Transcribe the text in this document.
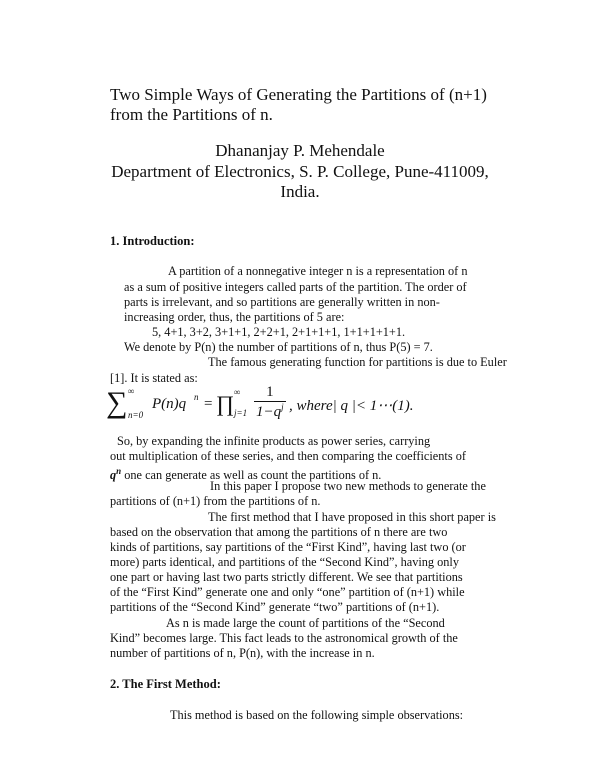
Two Simple Ways of Generating the Partitions of (n+1)
from the Partitions of n.
Dhananjay P. Mehendale
Department of Electronics, S. P. College, Pune-411009,
India.
1. Introduction:
A partition of a nonnegative integer n is a representation of n
as a sum of positive integers called parts of the partition. The order of
parts is irrelevant, and so partitions are generally written in non-
increasing order, thus, the partitions of 5 are:
5, 4+1, 3+2, 3+1+1, 2+2+1, 2+1+1+1, 1+1+1+1+1.
We denote by P(n) the number of partitions of n, thus P(5) = 7.
The famous generating function for partitions is due to Euler
[1]. It is stated as:
∑ ∞
n=0
P(n)q n = ∏ ∞
$j=1 \frac{1}{1-q^j}$ , where| q |< 1⋯(1).
So, by expanding the infinite products as power series, carrying
out multiplication of these series, and then comparing the coefficients of
$q^n$ one can generate as well as count the partitions of n.
In this paper I propose two new methods to generate the
partitions of (n+1) from the partitions of n.
The first method that I have proposed in this short paper is
based on the observation that among the partitions of n there are two
kinds of partitions, say partitions of the “First Kind”, having last two (or
more) parts identical, and partitions of the “Second Kind”, having only
one part or having last two parts strictly different. We see that partitions
of the “First Kind” generate one and only “one” partition of (n+1) while
partitions of the “Second Kind” generate “two” partitions of (n+1).
As n is made large the count of partitions of the “Second
Kind” becomes large. This fact leads to the astronomical growth of the
number of partitions of n, P(n), with the increase in n.
2. The First Method:
This method is based on the following simple observations:
